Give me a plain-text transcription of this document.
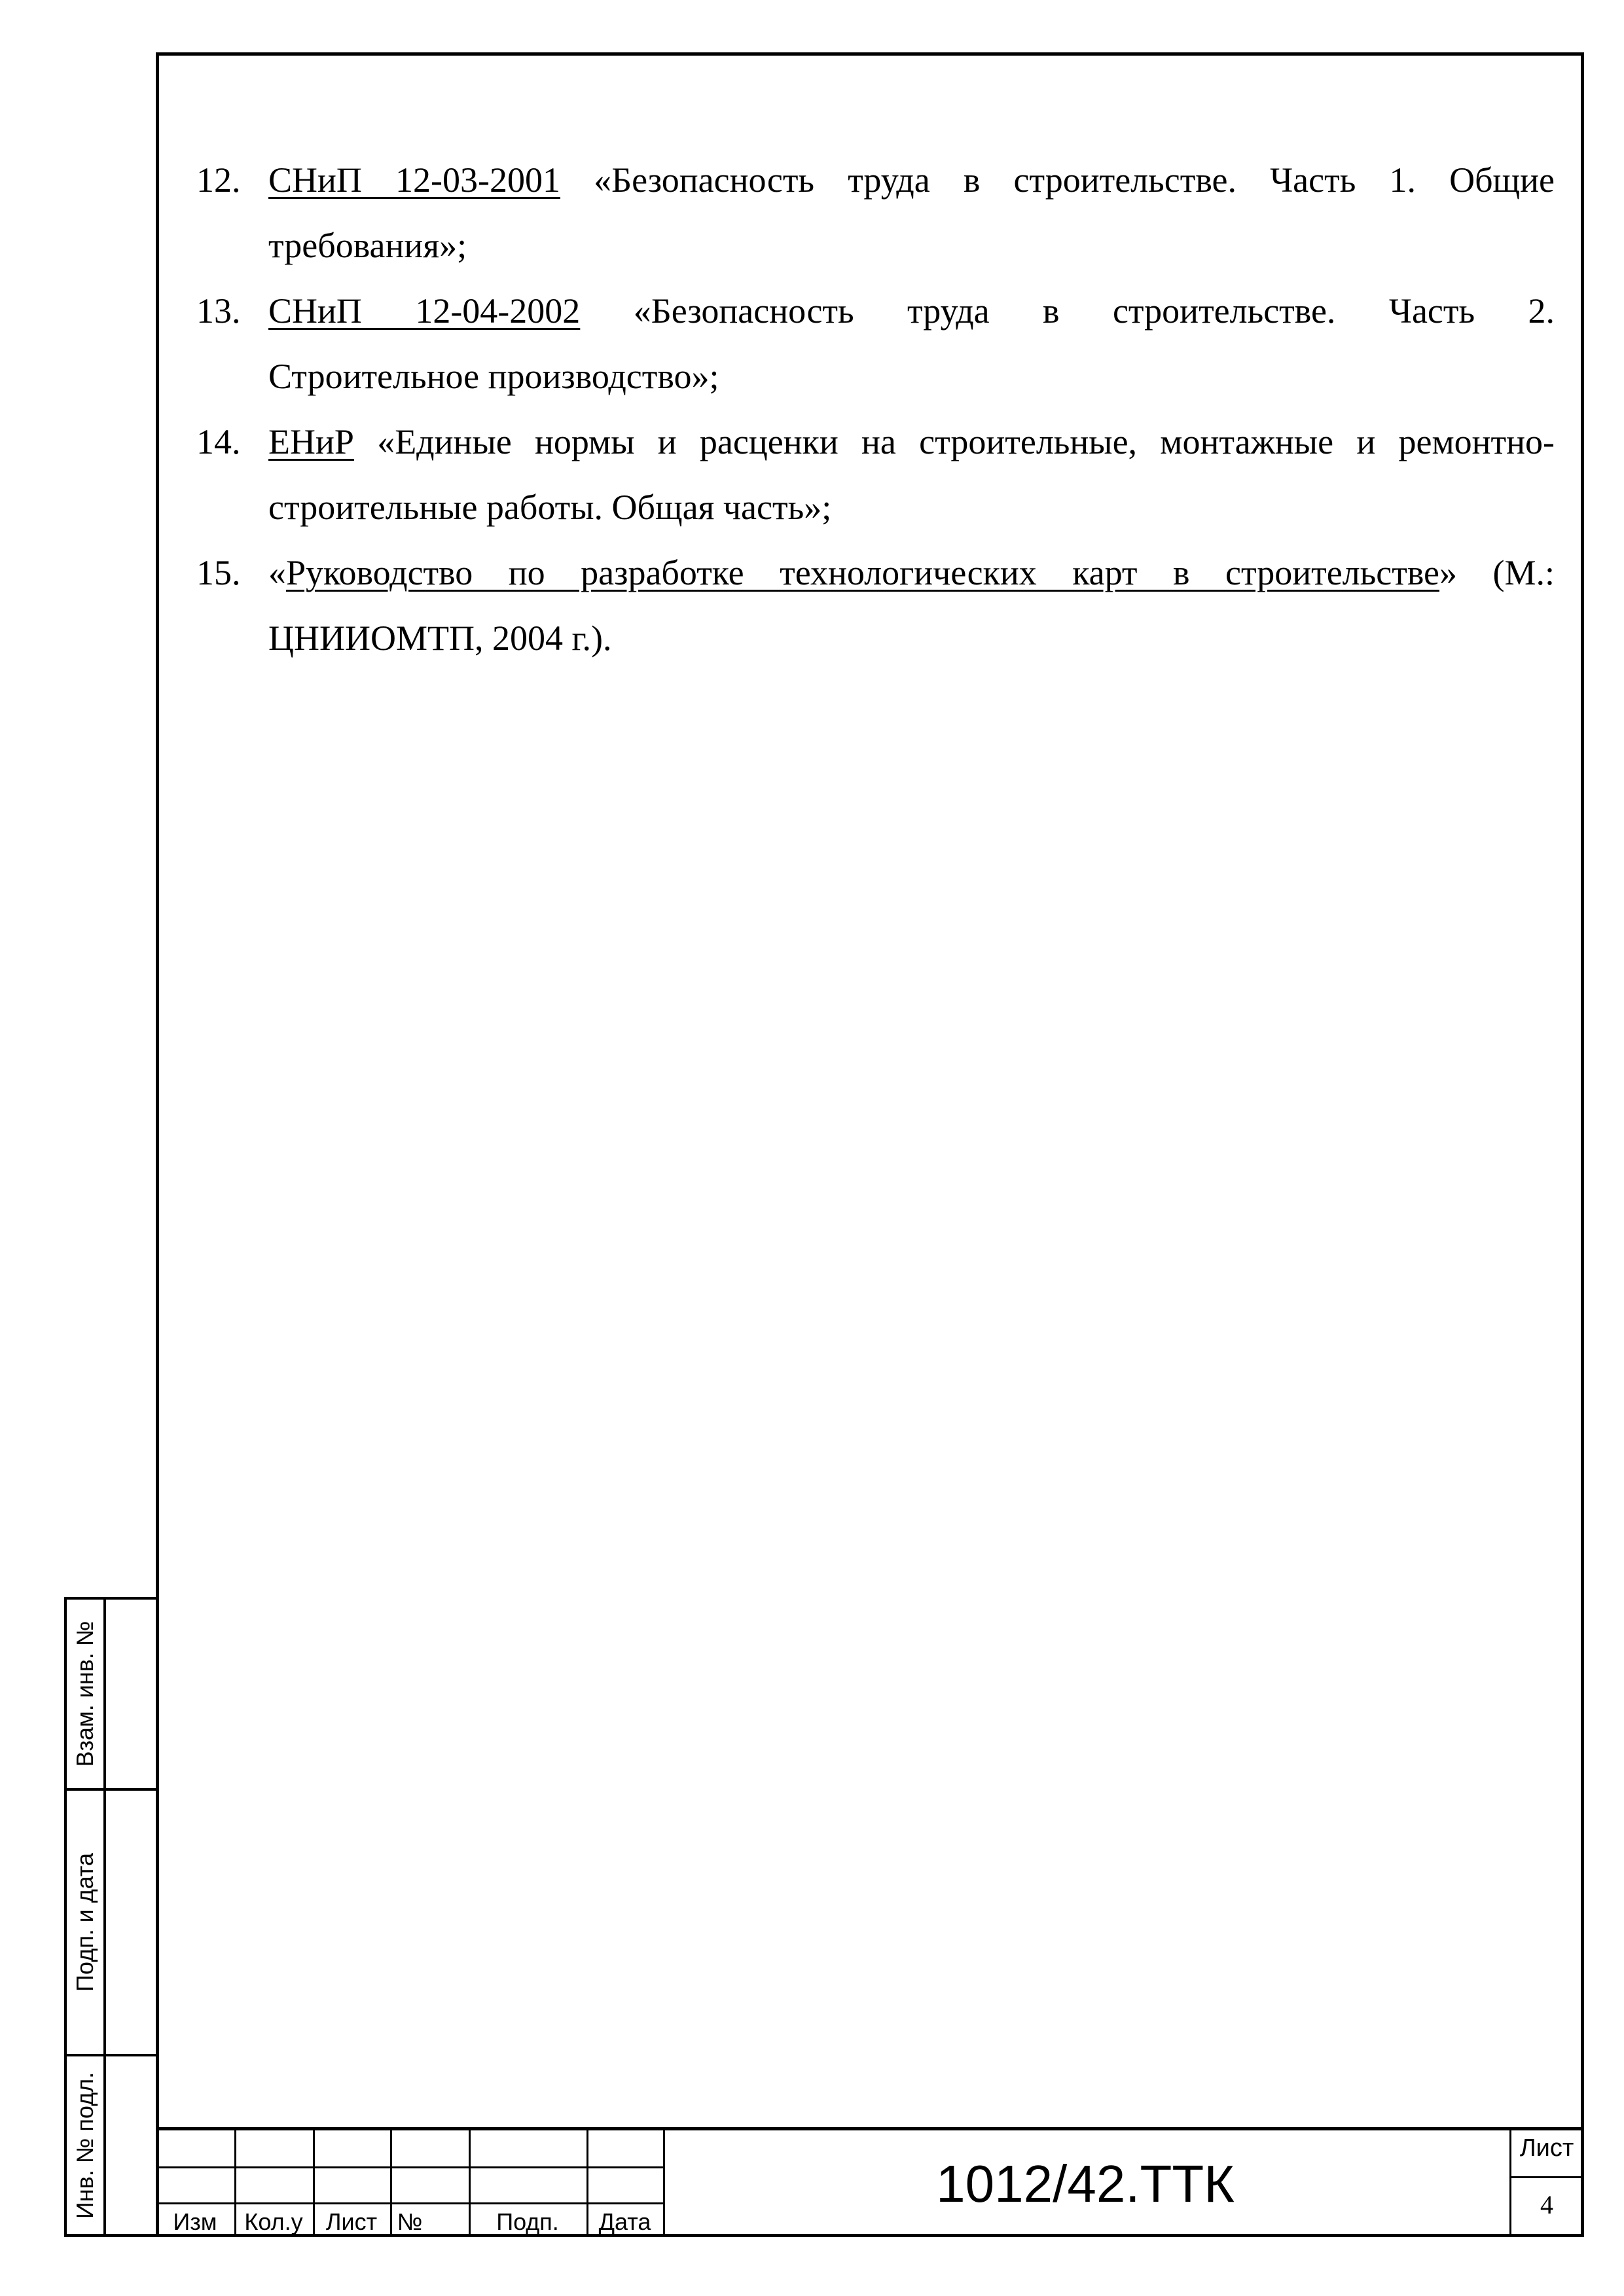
12. СНиП 12-03-2001 «Безопасность труда в строительстве. Часть 1. Общие
требования»;
13. СНиП 12-04-2002 «Безопасность труда в строительстве. Часть 2.
Строительное производство»;
14. ЕНиР «Единые нормы и расценки на строительные, монтажные и ремонтно-
строительные работы. Общая часть»;
15. «Руководство по разработке технологических карт в строительстве» (М.:
ЦНИИОМТП, 2004 г.).
Взам. инв. №
Подп. и дата
Инв. № подл.
Изм	Кол.у Лист №	Подп.	Дата
1012/42.ТТК
Лист
4
